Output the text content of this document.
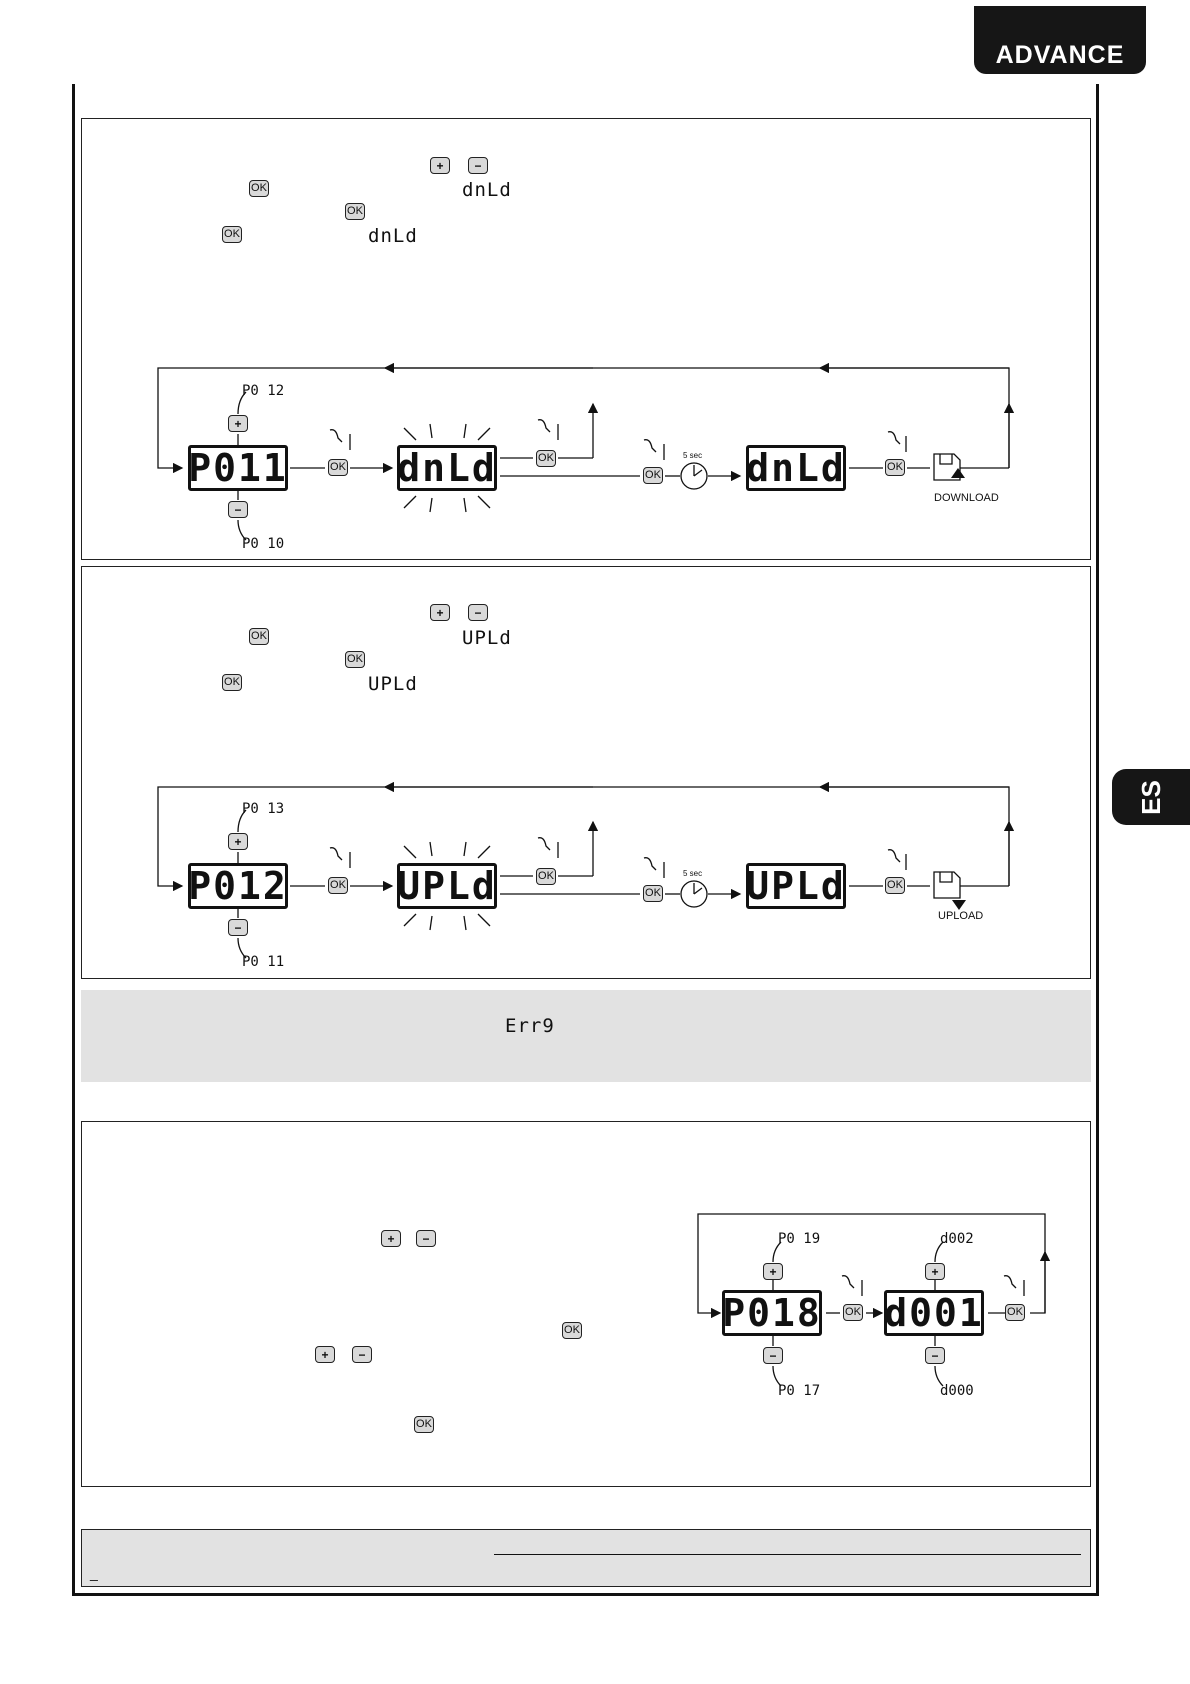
ADVANCE
ES
+	−
OK	dnLd
OK
OK	dnLd
P0 12
+
P011
−
P0 10
OK dnLd	OK
OK
5 sec dnLd	OK
DOWNLOAD
+	−
OK	UPLd
OK
OK	UPLd
P0 13
+
P012
−
P0 11
OK UPLd	OK
OK
5 sec UPLd	OK
UPLOAD
Err9
+	−
OK
+	−
OK
P0 19
+
P018
−
P0 17
OK
d002
+
d001
−
d000
OK
_
